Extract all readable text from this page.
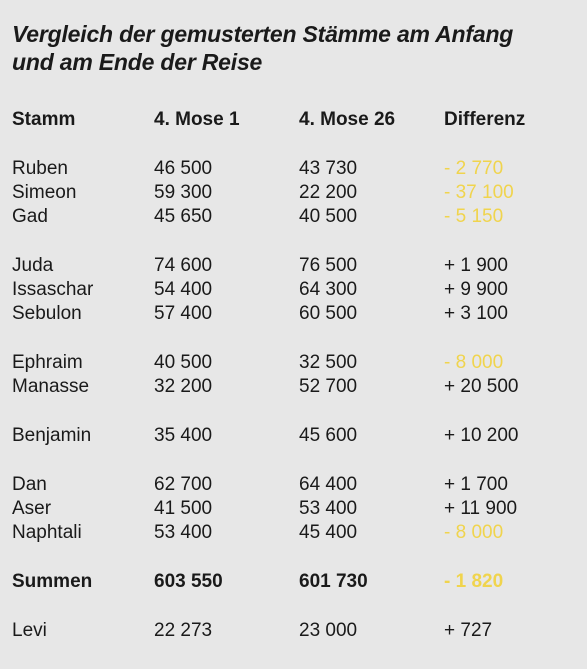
Vergleich der gemusterten Stämme am Anfang
und am Ende der Reise
Stamm	4. Mose 1	4. Mose 26	Differenz
Ruben	46 500	43 730	- 2 770
Simeon	59 300	22 200	- 37 100
Gad	45 650	40 500	- 5 150
Juda	74 600	76 500	+ 1 900
Issaschar	54 400	64 300	+ 9 900
Sebulon	57 400	60 500	+ 3 100
Ephraim	40 500	32 500	- 8 000
Manasse	32 200	52 700	+ 20 500
Benjamin	35 400	45 600	+ 10 200
Dan	62 700	64 400	+ 1 700
Aser	41 500	53 400	+ 11 900
Naphtali	53 400	45 400	- 8 000
Summen	603 550	601 730	- 1 820
Levi	22 273	23 000	+ 727
